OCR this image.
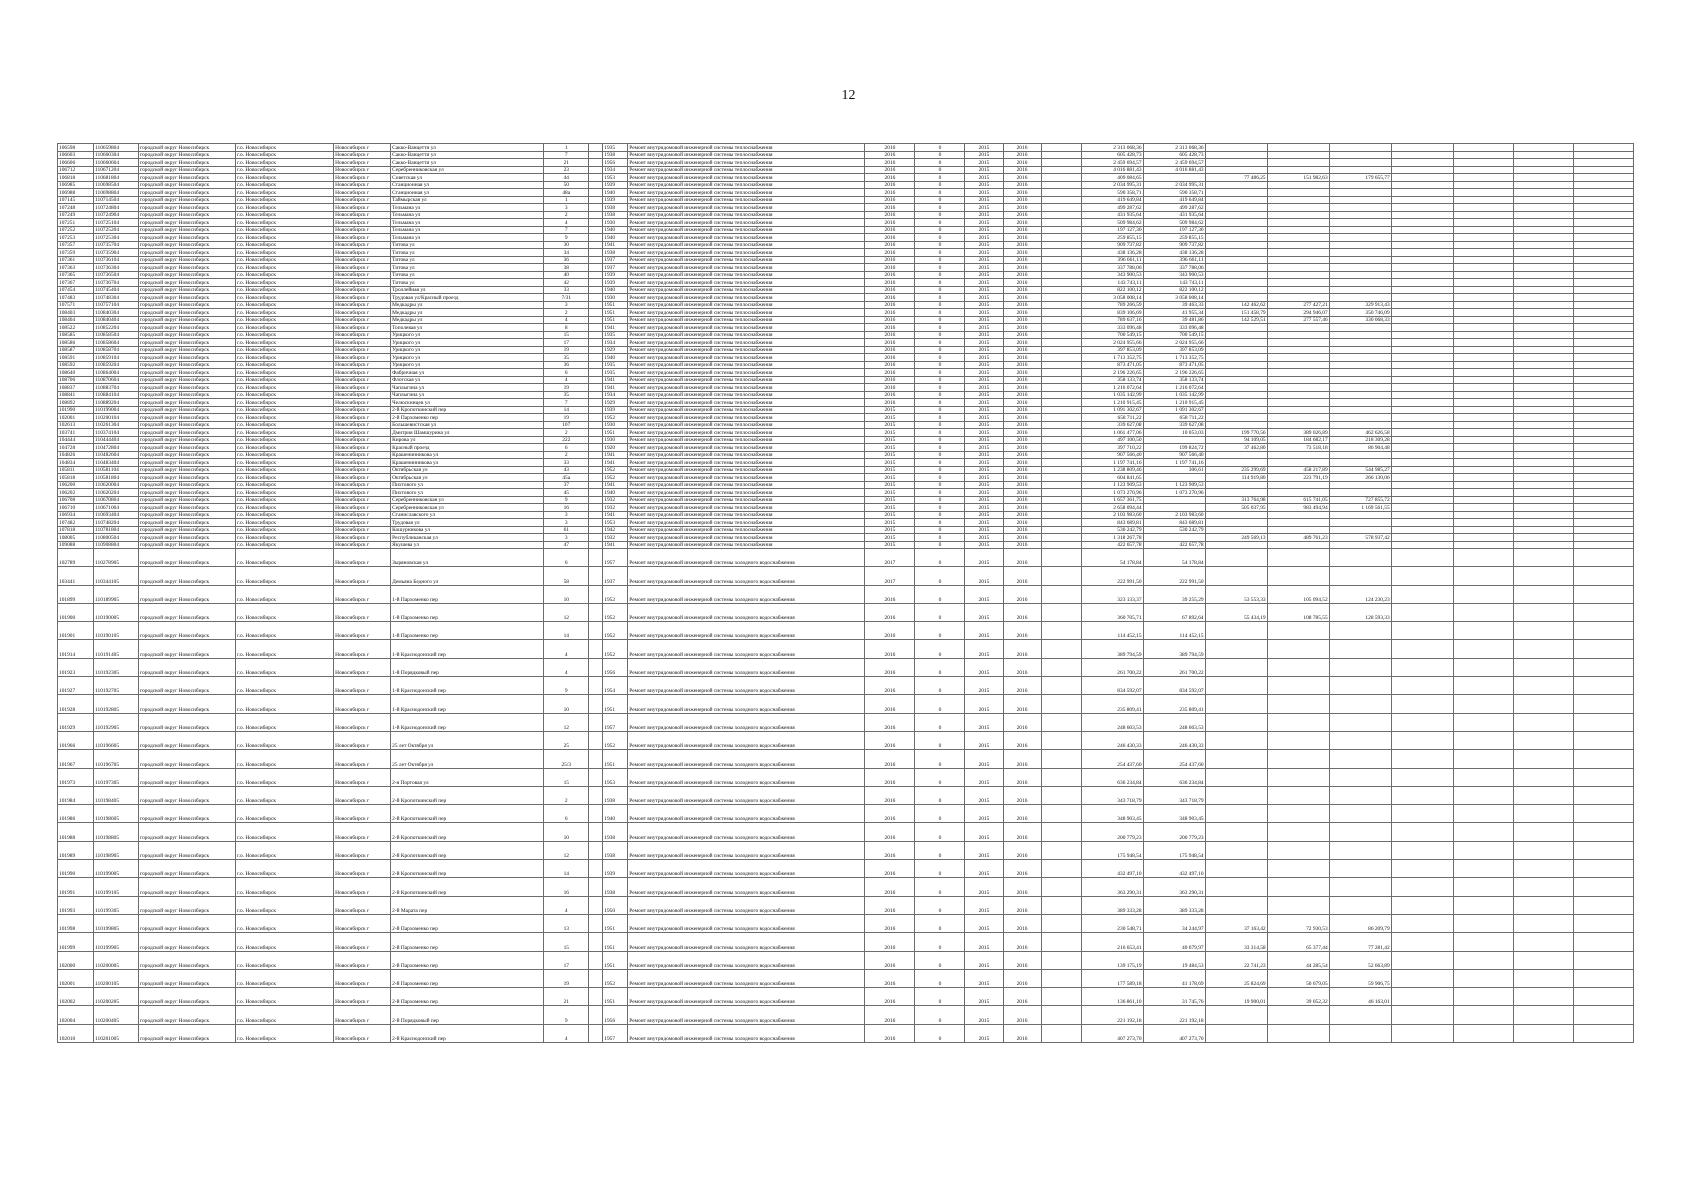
12
106598	110659804	городской округ Новосибирск	г.о. Новосибирск	Новосибирск г	Сакко-Ванцетти ул	1		1935	Ремонт внутридомовой инженерной системы теплоснабжения	2016	0	2015	2016		2 313 068,36	2 313 068,36							
106603	110660304	городской округ Новосибирск	г.о. Новосибирск	Новосибирск г	Сакко-Ванцетти ул	7		1938	Ремонт внутридомовой инженерной системы теплоснабжения	2016	0	2015	2016		605 428,73	605 428,73							
106606	110660604	городской округ Новосибирск	г.о. Новосибирск	Новосибирск г	Сакко-Ванцетти ул	21		1956	Ремонт внутридомовой инженерной системы теплоснабжения	2016	0	2015	2016		2 459 694,57	2 459 694,57							
106712	110671204	городской округ Новосибирск	г.о. Новосибирск	Новосибирск г	Серебренниковская ул	23		1934	Ремонт внутридомовой инженерной системы теплоснабжения	2016	0	2015	2016		4 016 881,43	4 016 881,43							
106818	110681804	городской округ Новосибирск	г.о. Новосибирск	Новосибирск г	Советская ул	44		1953	Ремонт внутридомовой инженерной системы теплоснабжения	2016	0	2015	2016		409 084,65		77 486,25	151 982,63	179 655,77				
106985	110698504	городской округ Новосибирск	г.о. Новосибирск	Новосибирск г	Станционная ул	50		1939	Ремонт внутридомовой инженерной системы теплоснабжения	2016	0	2015	2016		2 034 995,31	2 034 995,31							
106988	110698804	городской округ Новосибирск	г.о. Новосибирск	Новосибирск г	Станционная ул	48а		1940	Ремонт внутридомовой инженерной системы теплоснабжения	2016	0	2015	2016		590 358,71	590 358,71							
107145	110714504	городской округ Новосибирск	г.о. Новосибирск	Новосибирск г	Таймырская ул	1		1939	Ремонт внутридомовой инженерной системы теплоснабжения	2016	0	2015	2016		419 649,84	419 649,84							
107248	110724804	городской округ Новосибирск	г.о. Новосибирск	Новосибирск г	Тельмана ул	3		1938	Ремонт внутридомовой инженерной системы теплоснабжения	2016	0	2015	2016		499 287,62	499 287,62							
107249	110724904	городской округ Новосибирск	г.о. Новосибирск	Новосибирск г	Тельмана ул	2		1938	Ремонт внутридомовой инженерной системы теплоснабжения	2016	0	2015	2016		431 935,64	431 935,64							
107251	110725104	городской округ Новосибирск	г.о. Новосибирск	Новосибирск г	Тельмана ул	4		1930	Ремонт внутридомовой инженерной системы теплоснабжения	2016	0	2015	2016		509 984,62	509 984,62							
107252	110725204	городской округ Новосибирск	г.о. Новосибирск	Новосибирск г	Тельмана ул	7		1940	Ремонт внутридомовой инженерной системы теплоснабжения	2016	0	2015	2016		197 127,30	197 127,30							
107253	110725304	городской округ Новосибирск	г.о. Новосибирск	Новосибирск г	Тельмана ул	9		1940	Ремонт внутридомовой инженерной системы теплоснабжения	2016	0	2015	2016		259 855,15	259 855,15							
107357	110735704	городской округ Новосибирск	г.о. Новосибирск	Новосибирск г	Титова ул	30		1941	Ремонт внутридомовой инженерной системы теплоснабжения	2016	0	2015	2016		909 737,82	909 737,82							
107359	110735904	городской округ Новосибирск	г.о. Новосибирск	Новосибирск г	Титова ул	34		1938	Ремонт внутридомовой инженерной системы теплоснабжения	2016	0	2015	2016		438 136,28	438 136,28							
107361	110736104	городской округ Новосибирск	г.о. Новосибирск	Новосибирск г	Титова ул	36		1937	Ремонт внутридомовой инженерной системы теплоснабжения	2016	0	2015	2016		396 661,11	396 661,11							
107363	110736304	городской округ Новосибирск	г.о. Новосибирск	Новосибирск г	Титова ул	38		1937	Ремонт внутридомовой инженерной системы теплоснабжения	2016	0	2015	2016		337 788,06	337 788,06							
107365	110736504	городской округ Новосибирск	г.о. Новосибирск	Новосибирск г	Титова ул	40		1939	Ремонт внутридомовой инженерной системы теплоснабжения	2016	0	2015	2016		343 900,53	343 900,53							
107367	110736704	городской округ Новосибирск	г.о. Новосибирск	Новосибирск г	Титова ул	42		1939	Ремонт внутридомовой инженерной системы теплоснабжения	2016	0	2015	2016		143 743,11	143 743,11							
107454	110745404	городской округ Новосибирск	г.о. Новосибирск	Новосибирск г	Троллейная ул	33		1940	Ремонт внутридомовой инженерной системы теплоснабжения	2016	0	2015	2016		822 100,12	822 100,12							
107483	110748304	городской округ Новосибирск	г.о. Новосибирск	Новосибирск г	Трудовая ул/Красный проезд	7/31		1930	Ремонт внутридомовой инженерной системы теплоснабжения	2016	0	2015	2016		3 058 008,14	3 058 008,14							
107571	110757104	городской округ Новосибирск	г.о. Новосибирск	Новосибирск г	Медкадры ул	3		1951	Ремонт внутридомовой инженерной системы теплоснабжения	2016	0	2015	2016		789 266,59	39 463,33	142 462,62	277 427,21	329 913,43				
108403	110840304	городской округ Новосибирск	г.о. Новосибирск	Новосибирск г	Медкадры ул	2		1951	Ремонт внутридомовой инженерной системы теплоснабжения	2016	0	2015	2016		839 106,69	41 955,34	151 458,79	294 946,07	350 746,09				
108404	110840404	городской округ Новосибирск	г.о. Новосибирск	Новосибирск г	Медкадры ул	4		1951	Ремонт внутридомовой инженерной системы теплоснабжения	2016	0	2015	2016		789 637,16	39 481,86	142 529,51	277 557,46	330 068,33				
108522	110852204	городской округ Новосибирск	г.о. Новосибирск	Новосибирск г	Тополевая ул	8		1941	Ремонт внутридомовой инженерной системы теплоснабжения	2016	0	2015	2016		333 096,48	333 096,48							
108585	110858504	городской округ Новосибирск	г.о. Новосибирск	Новосибирск г	Урицкого ул	15		1935	Ремонт внутридомовой инженерной системы теплоснабжения	2016	0	2015	2016		700 549,15	700 549,15							
108586	110858604	городской округ Новосибирск	г.о. Новосибирск	Новосибирск г	Урицкого ул	17		1934	Ремонт внутридомовой инженерной системы теплоснабжения	2016	0	2015	2016		2 024 955,66	2 024 955,66							
108587	110858704	городской округ Новосибирск	г.о. Новосибирск	Новосибирск г	Урицкого ул	19		1929	Ремонт внутридомовой инженерной системы теплоснабжения	2016	0	2015	2016		397 853,09	397 853,09							
108591	110859104	городской округ Новосибирск	г.о. Новосибирск	Новосибирск г	Урицкого ул	35		1940	Ремонт внутридомовой инженерной системы теплоснабжения	2016	0	2015	2016		1 713 352,75	1 713 352,75							
108592	110859204	городской округ Новосибирск	г.о. Новосибирск	Новосибирск г	Урицкого ул	36		1935	Ремонт внутридомовой инженерной системы теплоснабжения	2016	0	2015	2016		873 471,05	873 471,05							
108640	110864004	городской округ Новосибирск	г.о. Новосибирск	Новосибирск г	Фабричная ул	6		1935	Ремонт внутридомовой инженерной системы теплоснабжения	2016	0	2015	2016		2 196 226,65	2 196 226,65							
108706	110870604	городской округ Новосибирск	г.о. Новосибирск	Новосибирск г	Флотская ул	4		1941	Ремонт внутридомовой инженерной системы теплоснабжения	2016	0	2015	2016		358 133,74	358 133,74							
108837	110883704	городской округ Новосибирск	г.о. Новосибирск	Новосибирск г	Чаплыгина ул	19		1941	Ремонт внутридомовой инженерной системы теплоснабжения	2016	0	2015	2016		1 216 072,64	1 216 072,64							
108841	110884104	городской округ Новосибирск	г.о. Новосибирск	Новосибирск г	Чаплыгина ул	35		1934	Ремонт внутридомовой инженерной системы теплоснабжения	2016	0	2015	2016		1 035 142,99	1 035 142,99							
108892	110889204	городской округ Новосибирск	г.о. Новосибирск	Новосибирск г	Челюскинцев ул	7		1929	Ремонт внутридомовой инженерной системы теплоснабжения	2016	0	2015	2016		1 210 915,45	1 210 915,45							
101990	110199004	городской округ Новосибирск	г.о. Новосибирск	Новосибирск г	2-й Кропоткинский пер	14		1939	Ремонт внутридомовой инженерной системы теплоснабжения	2015	0	2015	2016		1 091 302,67	1 091 302,67							
102001	110200104	городской округ Новосибирск	г.о. Новосибирск	Новосибирск г	2-й Пархоменко пер	19		1952	Ремонт внутридомовой инженерной системы теплоснабжения	2015	0	2015	2016		658 711,22	658 711,22							
102613	110261304	городской округ Новосибирск	г.о. Новосибирск	Новосибирск г	Большевистская ул	107		1930	Ремонт внутридомовой инженерной системы теплоснабжения	2015	0	2015	2016		339 627,08	339 627,08							
103741	110374104	городской округ Новосибирск	г.о. Новосибирск	Новосибирск г	Дмитрия Шамшурина ул	2		1951	Ремонт внутридомовой инженерной системы теплоснабжения	2015	0	2015	2016		1 061 477,06	10 053,03	199 770,56	389 026,89	462 626,58				
104444	110444404	городской округ Новосибирск	г.о. Новосибирск	Новосибирск г	Кирова ул	222		1930	Ремонт внутридомовой инженерной системы теплоснабжения	2015	0	2015	2016		497 100,50		94 109,05	184 682,17	218 309,28				
104728	110472804	городской округ Новосибирск	г.о. Новосибирск	Новосибирск г	Красный проезд	6		1920	Ремонт внутридомовой инженерной системы теплоснабжения	2015	0	2015	2016		397 710,22	199 824,72	37 462,80	73 518,18	86 904,48				
104826	110482604	городской округ Новосибирск	г.о. Новосибирск	Новосибирск г	Крашенинникова ул	2		1941	Ремонт внутридомовой инженерной системы теплоснабжения	2015	0	2015	2016		907 566,40	907 566,40							
104834	110483404	городской округ Новосибирск	г.о. Новосибирск	Новосибирск г	Крашенинникова ул	33		1941	Ремонт внутридомовой инженерной системы теплоснабжения	2015	0	2015	2016		1 197 741,16	1 197 741,16							
105811	110581104	городской округ Новосибирск	г.о. Новосибирск	Новосибирск г	Октябрьская ул	43		1952	Ремонт внутридомовой инженерной системы теплоснабжения	2015	0	2015	2016		1 238 809,46	306,61	235 299,69	458 217,89	544 985,27				
105818	110581804	городской округ Новосибирск	г.о. Новосибирск	Новосибирск г	Октябрьская ул	45а		1952	Ремонт внутридомовой инженерной системы теплоснабжения	2015	0	2015	2016		604 841,65		114 919,80	223 791,19	266 130,06				
106200	110620004	городской округ Новосибирск	г.о. Новосибирск	Новосибирск г	Пихтового ул	37		1941	Ремонт внутридомовой инженерной системы теплоснабжения	2015	0	2015	2016		1 123 909,53	1 123 909,53							
106202	110620204	городской округ Новосибирск	г.о. Новосибирск	Новосибирск г	Пихтового ул	45		1940	Ремонт внутридомовой инженерной системы теплоснабжения	2015	0	2015	2016		1 073 270,96	1 073 270,96							
106708	110670804	городской округ Новосибирск	г.о. Новосибирск	Новосибирск г	Серебренниковская ул	9		1932	Ремонт внутридомовой инженерной системы теплоснабжения	2015	0	2015	2016		1 657 361,75		313 764,98	615 741,05	727 855,72				
106710	110671004	городской округ Новосибирск	г.о. Новосибирск	Новосибирск г	Серебренниковская ул	16		1932	Ремонт внутридомовой инженерной системы теплоснабжения	2015	0	2015	2016		2 658 094,44		505 037,95	983 494,94	1 169 561,55				
106934	110693404	городской округ Новосибирск	г.о. Новосибирск	Новосибирск г	Станиславского ул	3		1941	Ремонт внутридомовой инженерной системы теплоснабжения	2015	0	2015	2016		2 103 983,60	2 103 983,60							
107482	110748204	городской округ Новосибирск	г.о. Новосибирск	Новосибирск г	Трудовая ул	3		1953	Ремонт внутридомовой инженерной системы теплоснабжения	2015	0	2015	2016		843 689,81	843 689,81							
107818	110781804	городской округ Новосибирск	г.о. Новосибирск	Новосибирск г	Кошурникова ул	61		1942	Ремонт внутридомовой инженерной системы теплоснабжения	2015	0	2015	2016		530 242,79	530 242,79							
108005	110800504	городской округ Новосибирск	г.о. Новосибирск	Новосибирск г	Республиканская ул	3		1932	Ремонт внутридомовой инженерной системы теплоснабжения	2015	0	2015	2016		1 318 267,78		249 569,13	489 761,23	578 937,42				
109088	110908804	городской округ Новосибирск	г.о. Новосибирск	Новосибирск г	Якушева ул	47		1941	Ремонт внутридомовой инженерной системы теплоснабжения	2015	0	2015	2016		422 657,78	422 657,78							
102789	110278905	городской округ Новосибирск	г.о. Новосибирск	Новосибирск г	Зыряновская ул	6		1957	Ремонт внутридомовой инженерной системы холодного водоснабжения	2017	0	2015	2016		54 178,84	54 178,84							
103441	110344105	городской округ Новосибирск	г.о. Новосибирск	Новосибирск г	Демьяна Бедного ул	58		1937	Ремонт внутридомовой инженерной системы холодного водоснабжения	2017	0	2015	2016		222 991,50	222 991,50							
101899	110189905	городской округ Новосибирск	г.о. Новосибирск	Новосибирск г	1-й Пархоменко пер	10		1952	Ремонт внутридомовой инженерной системы холодного водоснабжения	2016	0	2015	2016		323 133,37	39 255,29	53 553,33	105 094,52	124 230,23				
101900	110190005	городской округ Новосибирск	г.о. Новосибирск	Новосибирск г	1-й Пархоменко пер	12		1952	Ремонт внутридомовой инженерной системы холодного водоснабжения	2016	0	2015	2016		360 705,71	67 892,64	55 434,19	108 785,55	128 593,33				
101901	110190105	городской округ Новосибирск	г.о. Новосибирск	Новосибирск г	1-й Пархоменко пер	14		1952	Ремонт внутридомовой инженерной системы холодного водоснабжения	2016	0	2015	2016		114 452,15	114 452,15							
101914	110191405	городской округ Новосибирск	г.о. Новосибирск	Новосибирск г	1-й Краснодонский пер	4		1952	Ремонт внутридомовой инженерной системы холодного водоснабжения	2016	0	2015	2016		389 794,59	389 794,59							
101923	110192305	городской округ Новосибирск	г.о. Новосибирск	Новосибирск г	1-й Порядковый пер	4		1956	Ремонт внутридомовой инженерной системы холодного водоснабжения	2016	0	2015	2016		261 700,22	261 700,22							
101927	110192705	городской округ Новосибирск	г.о. Новосибирск	Новосибирск г	1-й Краснодонский пер	9		1954	Ремонт внутридомовой инженерной системы холодного водоснабжения	2016	0	2015	2016		834 592,07	834 592,07							
101928	110192805	городской округ Новосибирск	г.о. Новосибирск	Новосибирск г	1-й Краснодонский пер	10		1951	Ремонт внутридомовой инженерной системы холодного водоснабжения	2016	0	2015	2016		235 809,41	235 809,41							
101929	110192905	городской округ Новосибирск	г.о. Новосибирск	Новосибирск г	1-й Краснодонский пер	12		1957	Ремонт внутридомовой инженерной системы холодного водоснабжения	2016	0	2015	2016		248 603,53	248 603,53							
101966	110196605	городской округ Новосибирск	г.о. Новосибирск	Новосибирск г	25 лет Октября ул	25		1952	Ремонт внутридомовой инженерной системы холодного водоснабжения	2016	0	2015	2016		246 430,33	246 430,33							
101967	110196705	городской округ Новосибирск	г.о. Новосибирск	Новосибирск г	25 лет Октября ул	25/3		1951	Ремонт внутридомовой инженерной системы холодного водоснабжения	2016	0	2015	2016		254 437,60	254 437,60							
101973	110197305	городской округ Новосибирск	г.о. Новосибирск	Новосибирск г	2-я Портовая ул	15		1953	Ремонт внутридомовой инженерной системы холодного водоснабжения	2016	0	2015	2016		636 234,84	636 234,84							
101984	110198405	городской округ Новосибирск	г.о. Новосибирск	Новосибирск г	2-й Кропоткинский пер	2		1938	Ремонт внутридомовой инженерной системы холодного водоснабжения	2016	0	2015	2016		343 718,79	343 718,79							
101986	110198605	городской округ Новосибирск	г.о. Новосибирск	Новосибирск г	2-й Кропоткинский пер	6		1940	Ремонт внутридомовой инженерной системы холодного водоснабжения	2016	0	2015	2016		348 903,45	348 903,45							
101988	110198805	городской округ Новосибирск	г.о. Новосибирск	Новосибирск г	2-й Кропоткинский пер	10		1938	Ремонт внутридомовой инженерной системы холодного водоснабжения	2016	0	2015	2016		200 779,23	200 779,23							
101989	110198905	городской округ Новосибирск	г.о. Новосибирск	Новосибирск г	2-й Кропоткинский пер	12		1938	Ремонт внутридомовой инженерной системы холодного водоснабжения	2016	0	2015	2016		175 948,54	175 948,54							
101990	110199005	городской округ Новосибирск	г.о. Новосибирск	Новосибирск г	2-й Кропоткинский пер	14		1939	Ремонт внутридомовой инженерной системы холодного водоснабжения	2016	0	2015	2016		432 497,10	432 497,10							
101991	110199105	городской округ Новосибирск	г.о. Новосибирск	Новосибирск г	2-й Кропоткинский пер	16		1938	Ремонт внутридомовой инженерной системы холодного водоснабжения	2016	0	2015	2016		363 290,31	363 290,31							
101993	110199305	городской округ Новосибирск	г.о. Новосибирск	Новосибирск г	2-й Марата пер	4		1950	Ремонт внутридомовой инженерной системы холодного водоснабжения	2016	0	2015	2016		389 333,28	389 333,28							
101998	110199805	городской округ Новосибирск	г.о. Новосибирск	Новосибирск г	2-й Пархоменко пер	13		1951	Ремонт внутридомовой инженерной системы холодного водоснабжения	2016	0	2015	2016		230 548,71	34 244,97	37 163,42	72 930,53	86 209,79				
101999	110199905	городской округ Новосибирск	г.о. Новосибирск	Новосибирск г	2-й Пархоменко пер	15		1951	Ремонт внутридомовой инженерной системы холодного водоснабжения	2016	0	2015	2016		216 653,41	40 679,97	33 314,58	65 377,44	77 281,42				
102000	110200005	городской округ Новосибирск	г.о. Новосибирск	Новосибирск г	2-й Пархоменко пер	17		1951	Ремонт внутридомовой инженерной системы холодного водоснабжения	2016	0	2015	2016		139 175,19	19 484,53	22 741,23	44 285,54	52 663,89				
102001	110200105	городской округ Новосибирск	г.о. Новосибирск	Новосибирск г	2-й Пархоменко пер	19		1952	Ремонт внутридомовой инженерной системы холодного водоснабжения	2016	0	2015	2016		177 589,18	41 178,69	25 824,69	50 679,05	59 906,75				
102002	110200205	городской округ Новосибирск	г.о. Новосибирск	Новосибирск г	2-й Пархоменко пер	21		1951	Ремонт внутридомовой инженерной системы холодного водоснабжения	2016	0	2015	2016		136 861,10	31 745,76	19 900,01	39 052,32	46 163,01				
102004	110200405	городской округ Новосибирск	г.о. Новосибирск	Новосибирск г	2-й Порядковый пер	9		1956	Ремонт внутридомовой инженерной системы холодного водоснабжения	2016	0	2015	2016		221 192,18	221 192,18							
102010	110201005	городской округ Новосибирск	г.о. Новосибирск	Новосибирск г	2-й Краснодонский пер	4		1957	Ремонт внутридомовой инженерной системы холодного водоснабжения	2016	0	2015	2016		407 273,70	407 273,70							
